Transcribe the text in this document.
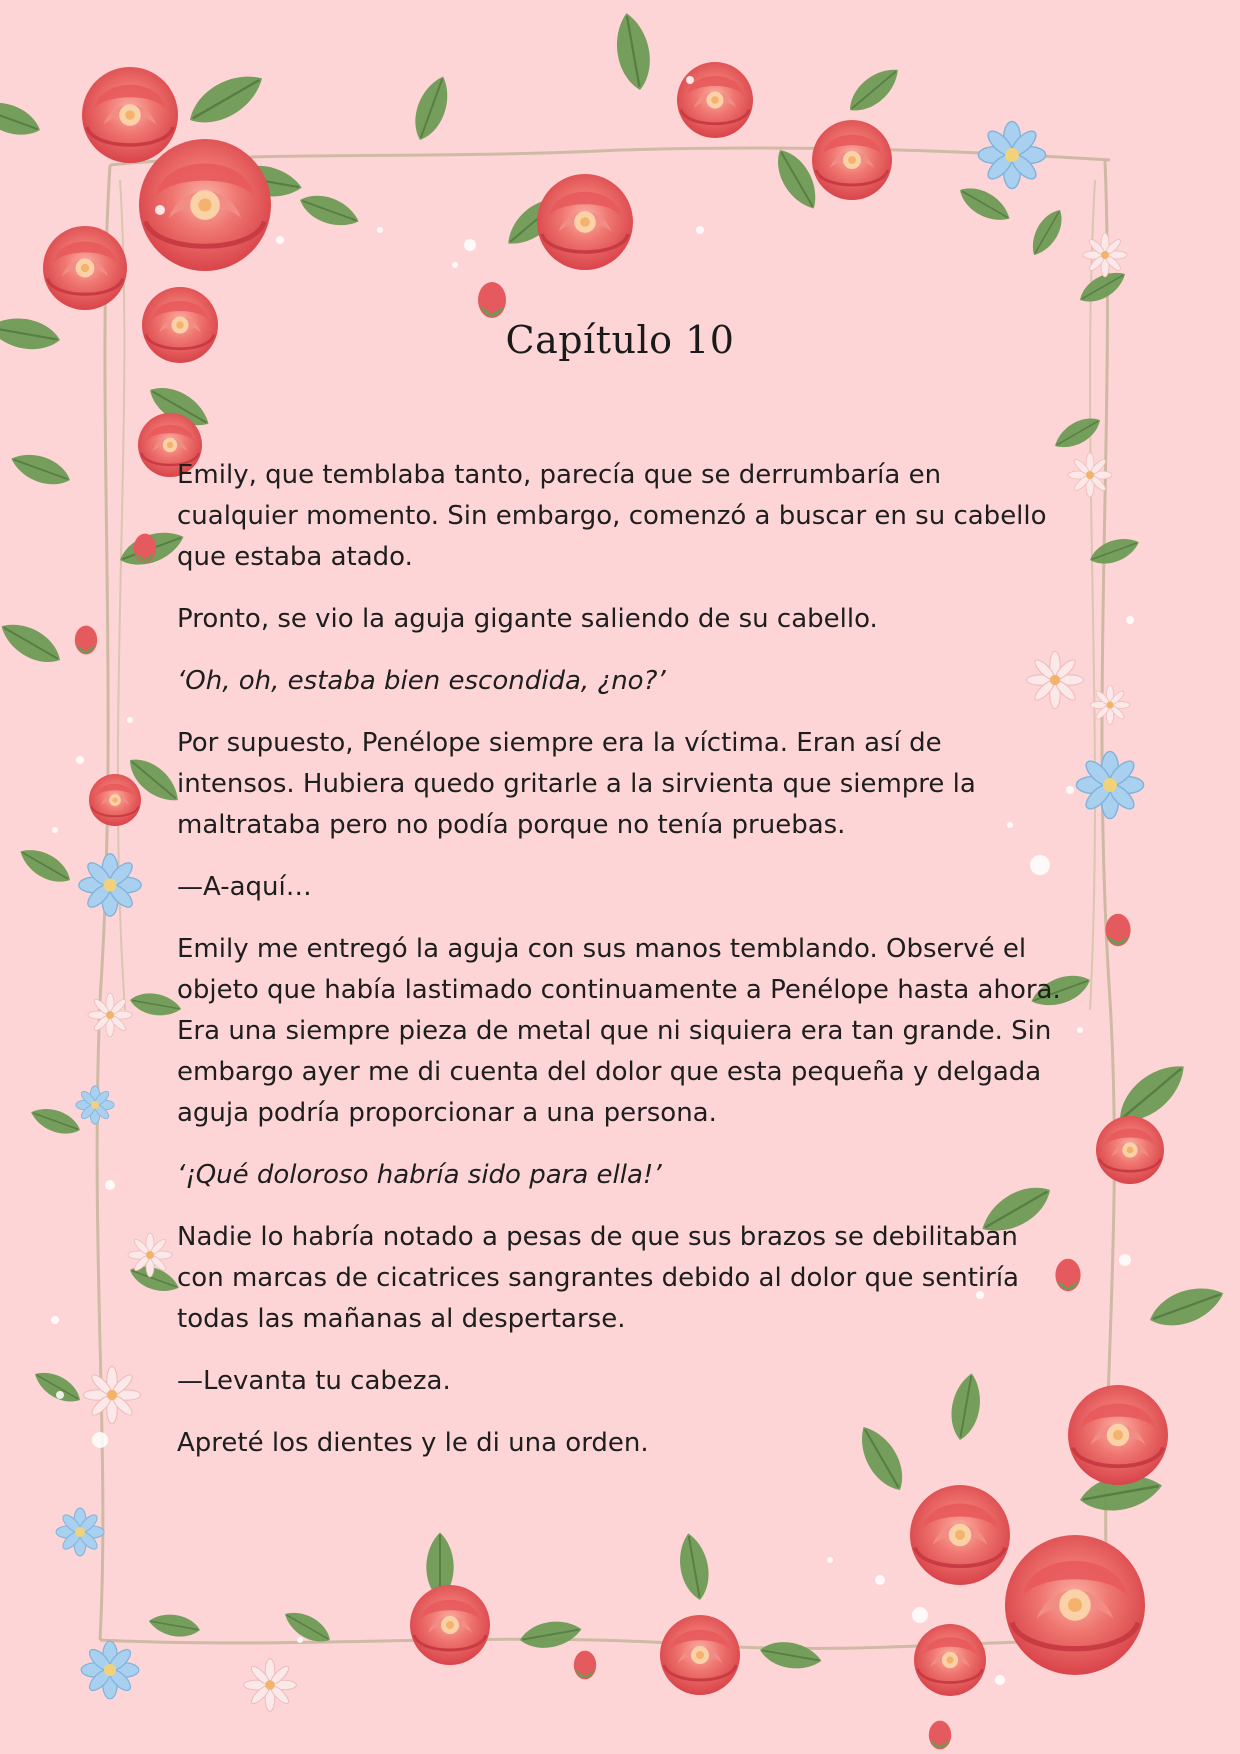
Capítulo 10

Emily, que temblaba tanto, parecía que se derrumbaría en cualquier momento. Sin embargo, comenzó a buscar en su cabello que estaba atado.

Pronto, se vio la aguja gigante saliendo de su cabello.

‘Oh, oh, estaba bien escondida, ¿no?’

Por supuesto, Penélope siempre era la víctima. Eran así de intensos. Hubiera quedo gritarle a la sirvienta que siempre la maltrataba pero no podía porque no tenía pruebas.

—A-aquí…

Emily me entregó la aguja con sus manos temblando. Observé el objeto que había lastimado continuamente a Penélope hasta ahora. Era una siempre pieza de metal que ni siquiera era tan grande. Sin embargo ayer me di cuenta del dolor que esta pequeña y delgada aguja podría proporcionar a una persona.

‘¡Qué doloroso habría sido para ella!’

Nadie lo habría notado a pesas de que sus brazos se debilitaban con marcas de cicatrices sangrantes debido al dolor que sentiría todas las mañanas al despertarse.

—Levanta tu cabeza.

Apreté los dientes y le di una orden.
